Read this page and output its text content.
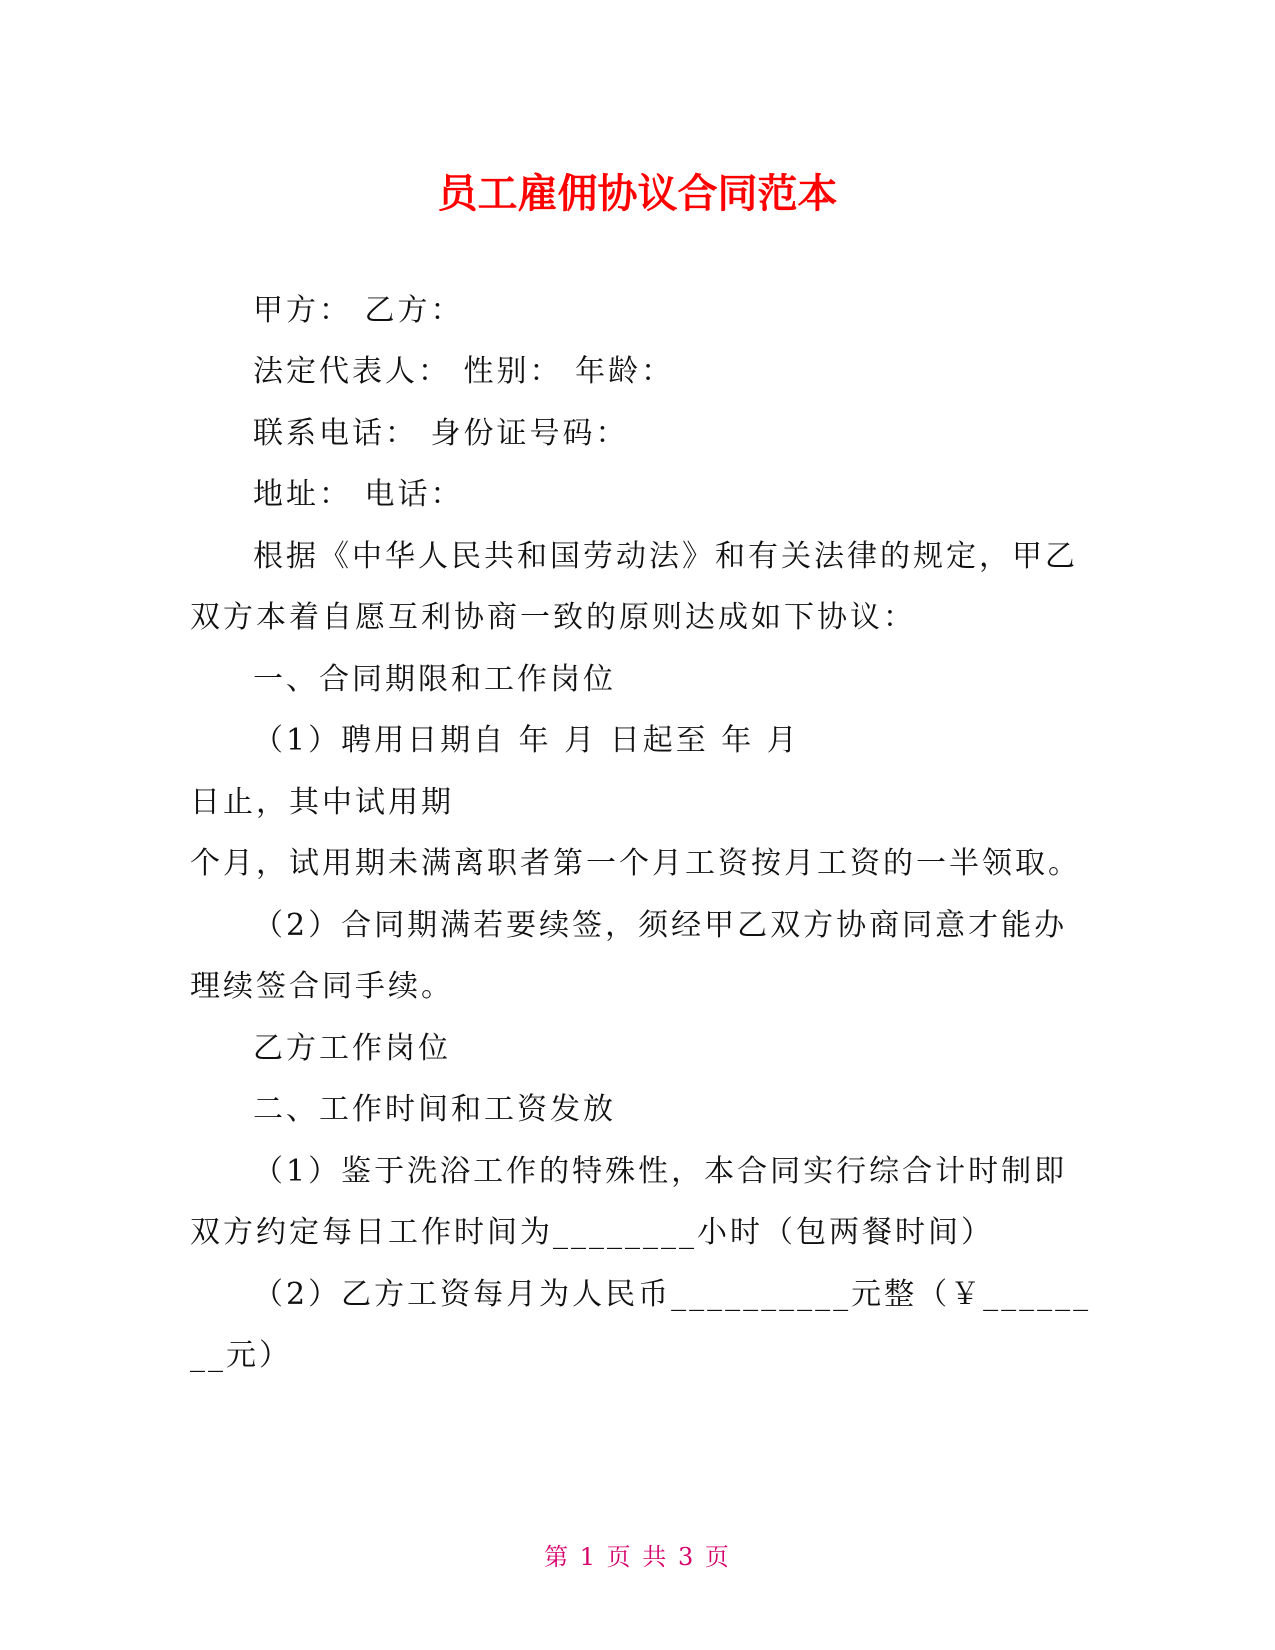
员工雇佣协议合同范本
甲方： 乙方：
法定代表人： 性别： 年龄：
联系电话： 身份证号码：
地址： 电话：
根据《中华人民共和国劳动法》和有关法律的规定，甲乙
双方本着自愿互利协商一致的原则达成如下协议：
一、合同期限和工作岗位
（1）聘用日期自 年 月 日起至 年 月
日止，其中试用期
个月，试用期未满离职者第一个月工资按月工资的一半领取。
（2）合同期满若要续签，须经甲乙双方协商同意才能办
理续签合同手续。
乙方工作岗位
二、工作时间和工资发放
（1）鉴于洗浴工作的特殊性，本合同实行综合计时制即
双方约定每日工作时间为________小时（包两餐时间）
（2）乙方工资每月为人民币__________元整（￥______
__元）
第 1 页 共 3 页
